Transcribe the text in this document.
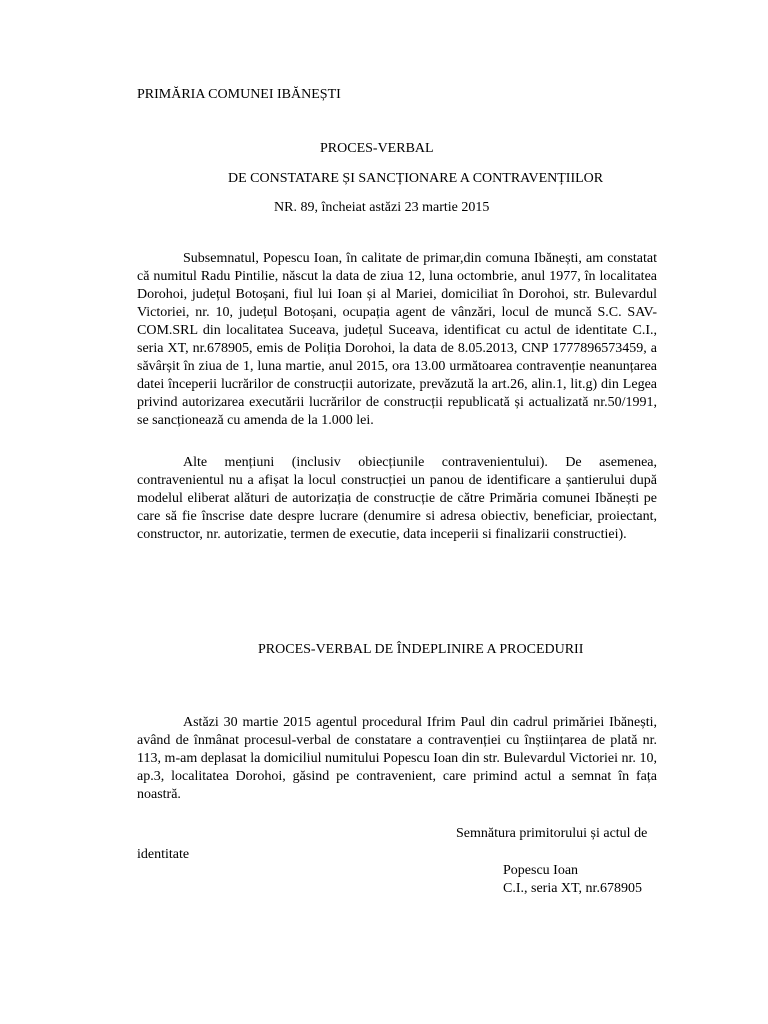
PRIMĂRIA COMUNEI IBĂNEȘTI
PROCES-VERBAL
DE CONSTATARE ȘI SANCȚIONARE A CONTRAVENȚIILOR
NR. 89, încheiat astăzi 23 martie 2015
Subsemnatul, Popescu Ioan, în calitate de primar,din comuna Ibănești, am constatat că numitul Radu Pintilie, născut la data de ziua 12, luna octombrie, anul 1977, în localitatea Dorohoi, județul Botoșani, fiul lui Ioan și al Mariei, domiciliat în Dorohoi, str. Bulevardul Victoriei, nr. 10, județul Botoșani, ocupația agent de vânzări, locul de muncă S.C. SAV-COM.SRL din localitatea Suceava, județul Suceava, identificat cu actul de identitate C.I., seria XT, nr.678905, emis de Poliția Dorohoi, la data de 8.05.2013, CNP 1777896573459, a săvârșit în ziua de 1, luna martie, anul 2015, ora 13.00 următoarea contravenție neanunțarea datei începerii lucrărilor de construcții autorizate, prevăzută la art.26, alin.1, lit.g) din Legea privind autorizarea executării lucrărilor de construcții republicată și actualizată nr.50/1991, se sancționează cu amenda de la 1.000 lei.
Alte mențiuni (inclusiv obiecțiunile contravenientului). De asemenea, contravenientul nu a afișat la locul construcției un panou de identificare a șantierului după modelul eliberat alături de autorizația de construcție de către Primăria comunei Ibănești pe care să fie înscrise date despre lucrare (denumire si adresa obiectiv, beneficiar, proiectant, constructor, nr. autorizatie, termen de executie, data inceperii si finalizarii constructiei).
PROCES-VERBAL DE ÎNDEPLINIRE A PROCEDURII
Astăzi 30 martie 2015 agentul procedural Ifrim Paul din cadrul primăriei Ibănești, având de înmânat procesul-verbal de constatare a contravenției cu înștiințarea de plată nr. 113, m-am deplasat la domiciliul numitului Popescu Ioan din str. Bulevardul Victoriei nr. 10, ap.3, localitatea Dorohoi, găsind pe contravenient, care primind actul a semnat în fața noastră.
Semnătura primitorului și actul de
identitate
Popescu Ioan
C.I., seria XT, nr.678905
